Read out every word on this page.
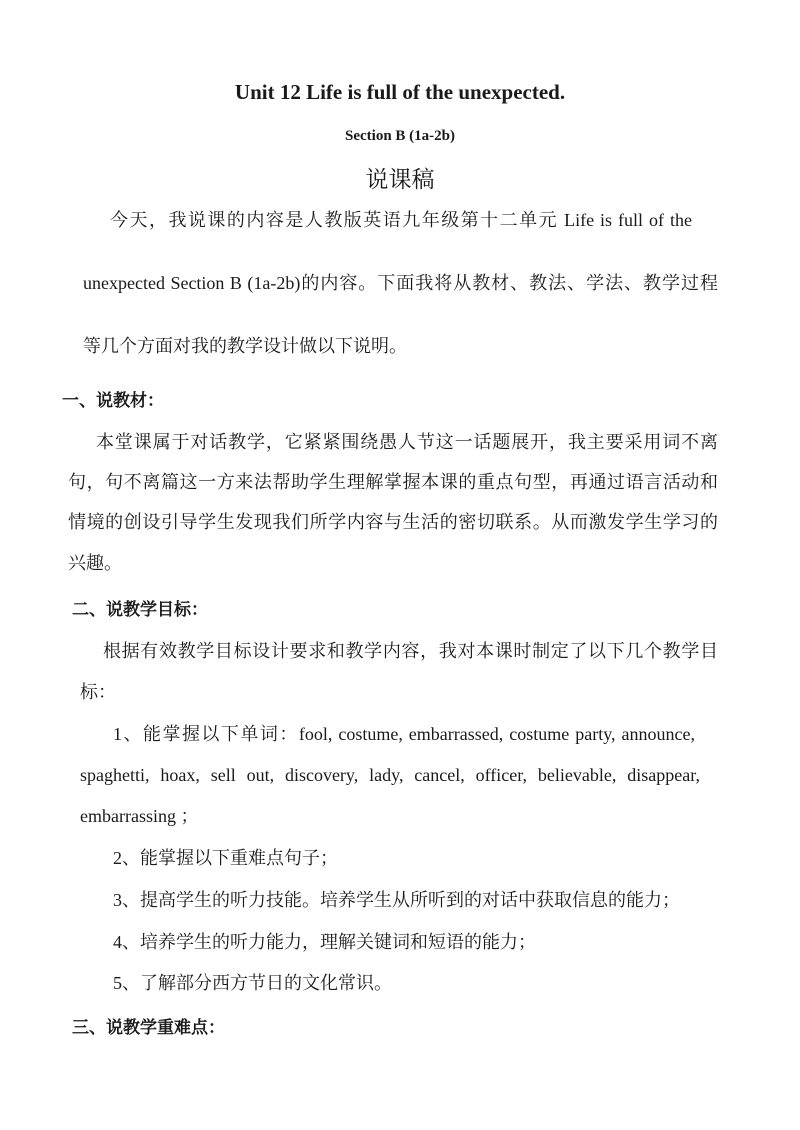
Unit 12 Life is full of the unexpected.
Section B (1a-2b)
说课稿
今天，我说课的内容是人教版英语九年级第十二单元 Life is full of the
unexpected Section B (1a-2b)的内容。下面我将从教材、教法、学法、教学过程
等几个方面对我的教学设计做以下说明。
一、说教材：
本堂课属于对话教学，它紧紧围绕愚人节这一话题展开，我主要采用词不离
句，句不离篇这一方来法帮助学生理解掌握本课的重点句型，再通过语言活动和
情境的创设引导学生发现我们所学内容与生活的密切联系。从而激发学生学习的
兴趣。
二、说教学目标：
根据有效教学目标设计要求和教学内容，我对本课时制定了以下几个教学目
标：
1、能掌握以下单词：fool, costume, embarrassed, costume party, announce,
spaghetti, hoax, sell out, discovery, lady, cancel, officer, believable, disappear,
embarrassing ；
2、能掌握以下重难点句子；
3、提高学生的听力技能。培养学生从所听到的对话中获取信息的能力；
4、培养学生的听力能力，理解关键词和短语的能力；
5、了解部分西方节日的文化常识。
三、说教学重难点：
